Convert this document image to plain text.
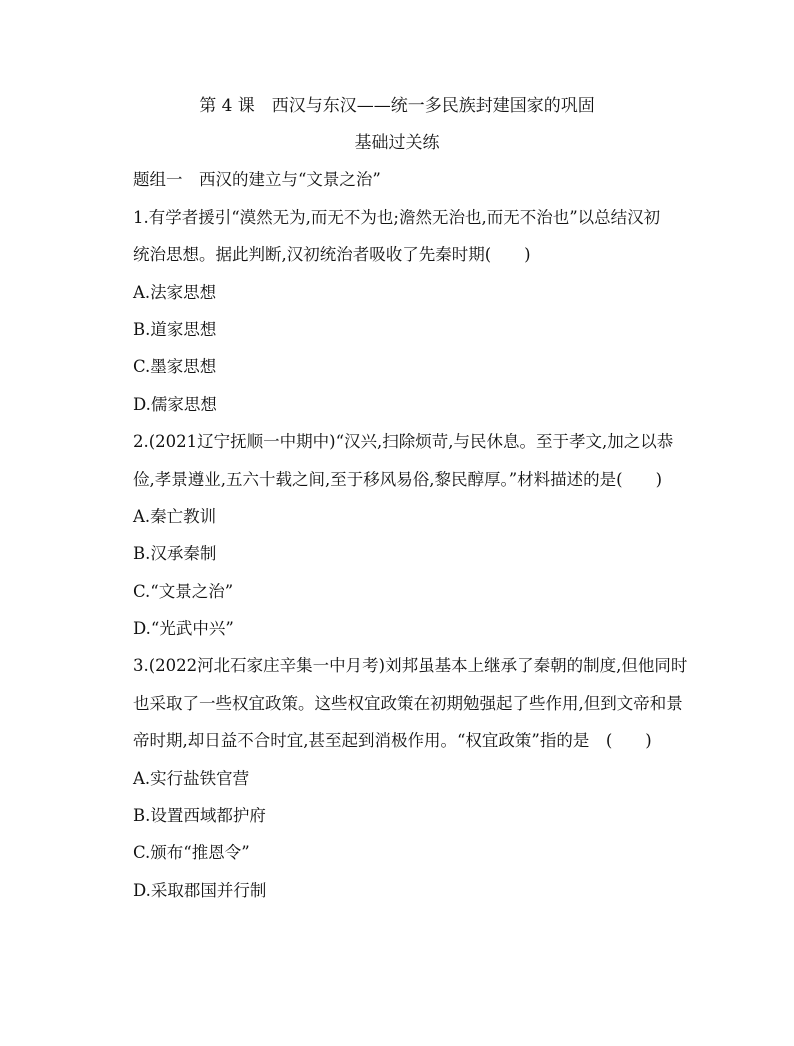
第 4 课　西汉与东汉——统一多民族封建国家的巩固
基础过关练
题组一　西汉的建立与“文景之治”
1.有学者援引“漠然无为,而无不为也;澹然无治也,而无不治也”以总结汉初
统治思想。据此判断,汉初统治者吸收了先秦时期(　　)
A.法家思想
B.道家思想
C.墨家思想
D.儒家思想
2.(2021辽宁抚顺一中期中)“汉兴,扫除烦苛,与民休息。至于孝文,加之以恭
俭,孝景遵业,五六十载之间,至于移风易俗,黎民醇厚。”材料描述的是(　　)
A.秦亡教训
B.汉承秦制
C.“文景之治”
D.“光武中兴”
3.(2022河北石家庄辛集一中月考)刘邦虽基本上继承了秦朝的制度,但他同时
也采取了一些权宜政策。这些权宜政策在初期勉强起了些作用,但到文帝和景
帝时期,却日益不合时宜,甚至起到消极作用。“权宜政策”指的是　(　　)
A.实行盐铁官营
B.设置西域都护府
C.颁布“推恩令”
D.采取郡国并行制
